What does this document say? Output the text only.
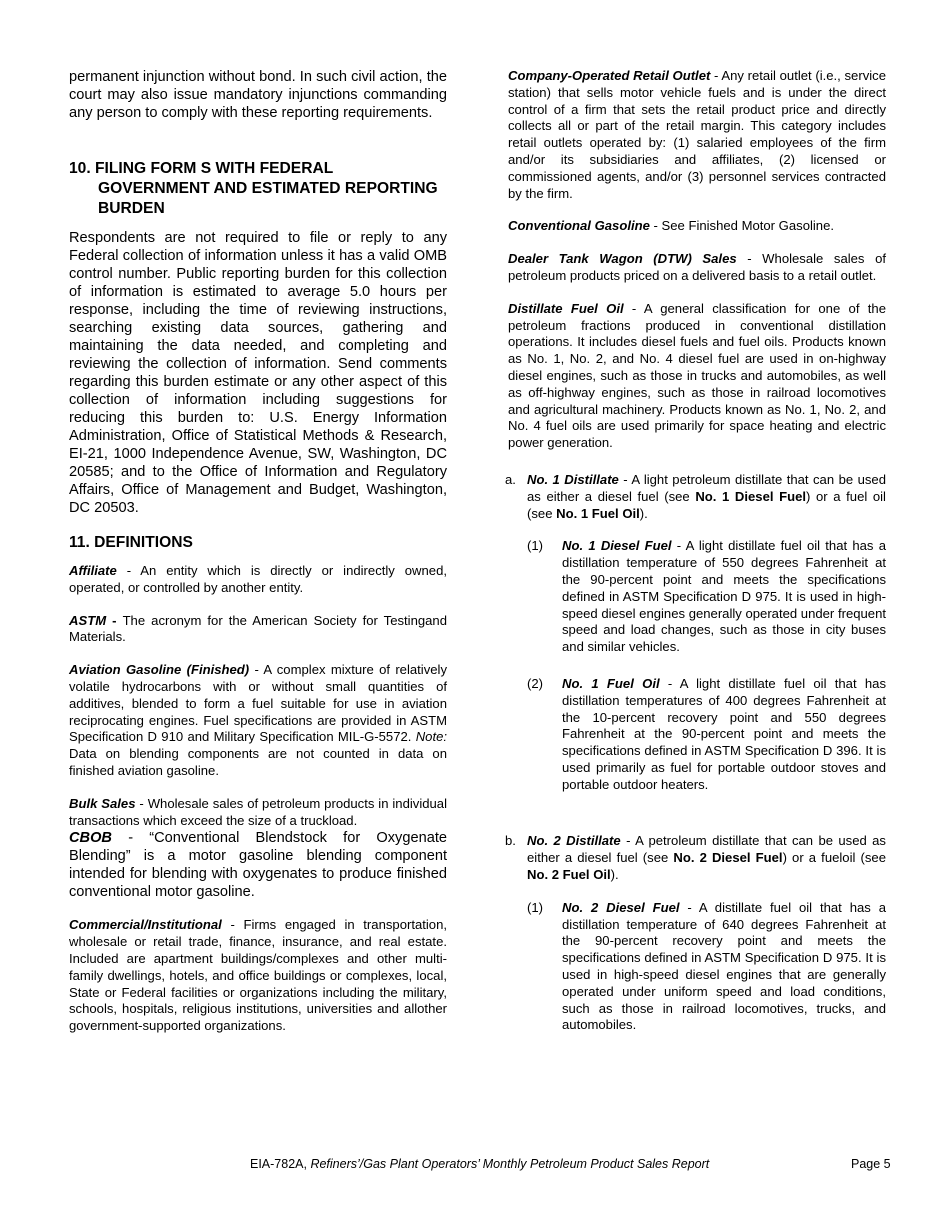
permanent injunction without bond. In such civil action, the court may also issue mandatory injunctions commanding any person to comply with these reporting requirements.

10. FILING FORM S WITH FEDERAL GOVERNMENT AND ESTIMATED REPORTING BURDEN

Respondents are not required to file or reply to any Federal collection of information unless it has a valid OMB control number. Public reporting burden for this collection of information is estimated to average 5.0 hours per response, including the time of reviewing instructions, searching existing data sources, gathering and maintaining the data needed, and completing and reviewing the collection of information. Send comments regarding this burden estimate or any other aspect of this collection of information including suggestions for reducing this burden to: U.S. Energy Information Administration, Office of Statistical Methods & Research, EI-21, 1000 Independence Avenue, SW, Washington, DC 20585; and to the Office of Information and Regulatory Affairs, Office of Management and Budget, Washington, DC 20503.

11. DEFINITIONS

Affiliate - An entity which is directly or indirectly owned, operated, or controlled by another entity.

ASTM - The acronym for the American Society for Testingand Materials.

Aviation Gasoline (Finished) - A complex mixture of relatively volatile hydrocarbons with or without small quantities of additives, blended to form a fuel suitable for use in aviation reciprocating engines. Fuel specifications are provided in ASTM Specification D 910 and Military Specification MIL-G-5572. Note: Data on blending components are not counted in data on finished aviation gasoline.

Bulk Sales - Wholesale sales of petroleum products in individual transactions which exceed the size of a truckload.

CBOB - “Conventional Blendstock for Oxygenate Blending” is a motor gasoline blending component intended for blending with oxygenates to produce finished conventional motor gasoline.

Commercial/Institutional - Firms engaged in transportation, wholesale or retail trade, finance, insurance, and real estate. Included are apartment buildings/complexes and other multi-family dwellings, hotels, and office buildings or complexes, local, State or Federal facilities or organizations including the military, schools, hospitals, religious institutions, universities and allother government-supported organizations.

Company-Operated Retail Outlet - Any retail outlet (i.e., service station) that sells motor vehicle fuels and is under the direct control of a firm that sets the retail product price and directly collects all or part of the retail margin. This category includes retail outlets operated by: (1) salaried employees of the firm and/or its subsidiaries and affiliates, (2) licensed or commissioned agents, and/or (3) personnel services contracted by the firm.

Conventional Gasoline - See Finished Motor Gasoline.

Dealer Tank Wagon (DTW) Sales - Wholesale sales of petroleum products priced on a delivered basis to a retail outlet.

Distillate Fuel Oil - A general classification for one of the petroleum fractions produced in conventional distillation operations. It includes diesel fuels and fuel oils. Products known as No. 1, No. 2, and No. 4 diesel fuel are used in on-highway diesel engines, such as those in trucks and automobiles, as well as off-highway engines, such as those in railroad locomotives and agricultural machinery. Products known as No. 1, No. 2, and No. 4 fuel oils are used primarily for space heating and electric power generation.

a. No. 1 Distillate - A light petroleum distillate that can be used as either a diesel fuel (see No. 1 Diesel Fuel) or a fuel oil (see No. 1 Fuel Oil).
(1) No. 1 Diesel Fuel - A light distillate fuel oil that has a distillation temperature of 550 degrees Fahrenheit at the 90-percent point and meets the specifications defined in ASTM Specification D 975. It is used in high-speed diesel engines generally operated under frequent speed and load changes, such as those in city buses and similar vehicles.
(2) No. 1 Fuel Oil - A light distillate fuel oil that has distillation temperatures of 400 degrees Fahrenheit at the 10-percent recovery point and 550 degrees Fahrenheit at the 90-percent point and meets the specifications defined in ASTM Specification D 396. It is used primarily as fuel for portable outdoor stoves and portable outdoor heaters.
b. No. 2 Distillate - A petroleum distillate that can be used as either a diesel fuel (see No. 2 Diesel Fuel) or a fueloil (see No. 2 Fuel Oil).
(1) No. 2 Diesel Fuel - A distillate fuel oil that has a distillation temperature of 640 degrees Fahrenheit at the 90-percent recovery point and meets the specifications defined in ASTM Specification D 975. It is used in high-speed diesel engines that are generally operated under uniform speed and load conditions, such as those in railroad locomotives, trucks, and automobiles.
EIA-782A, Refiners’/Gas Plant Operators’ Monthly Petroleum Product Sales Report	Page 5
